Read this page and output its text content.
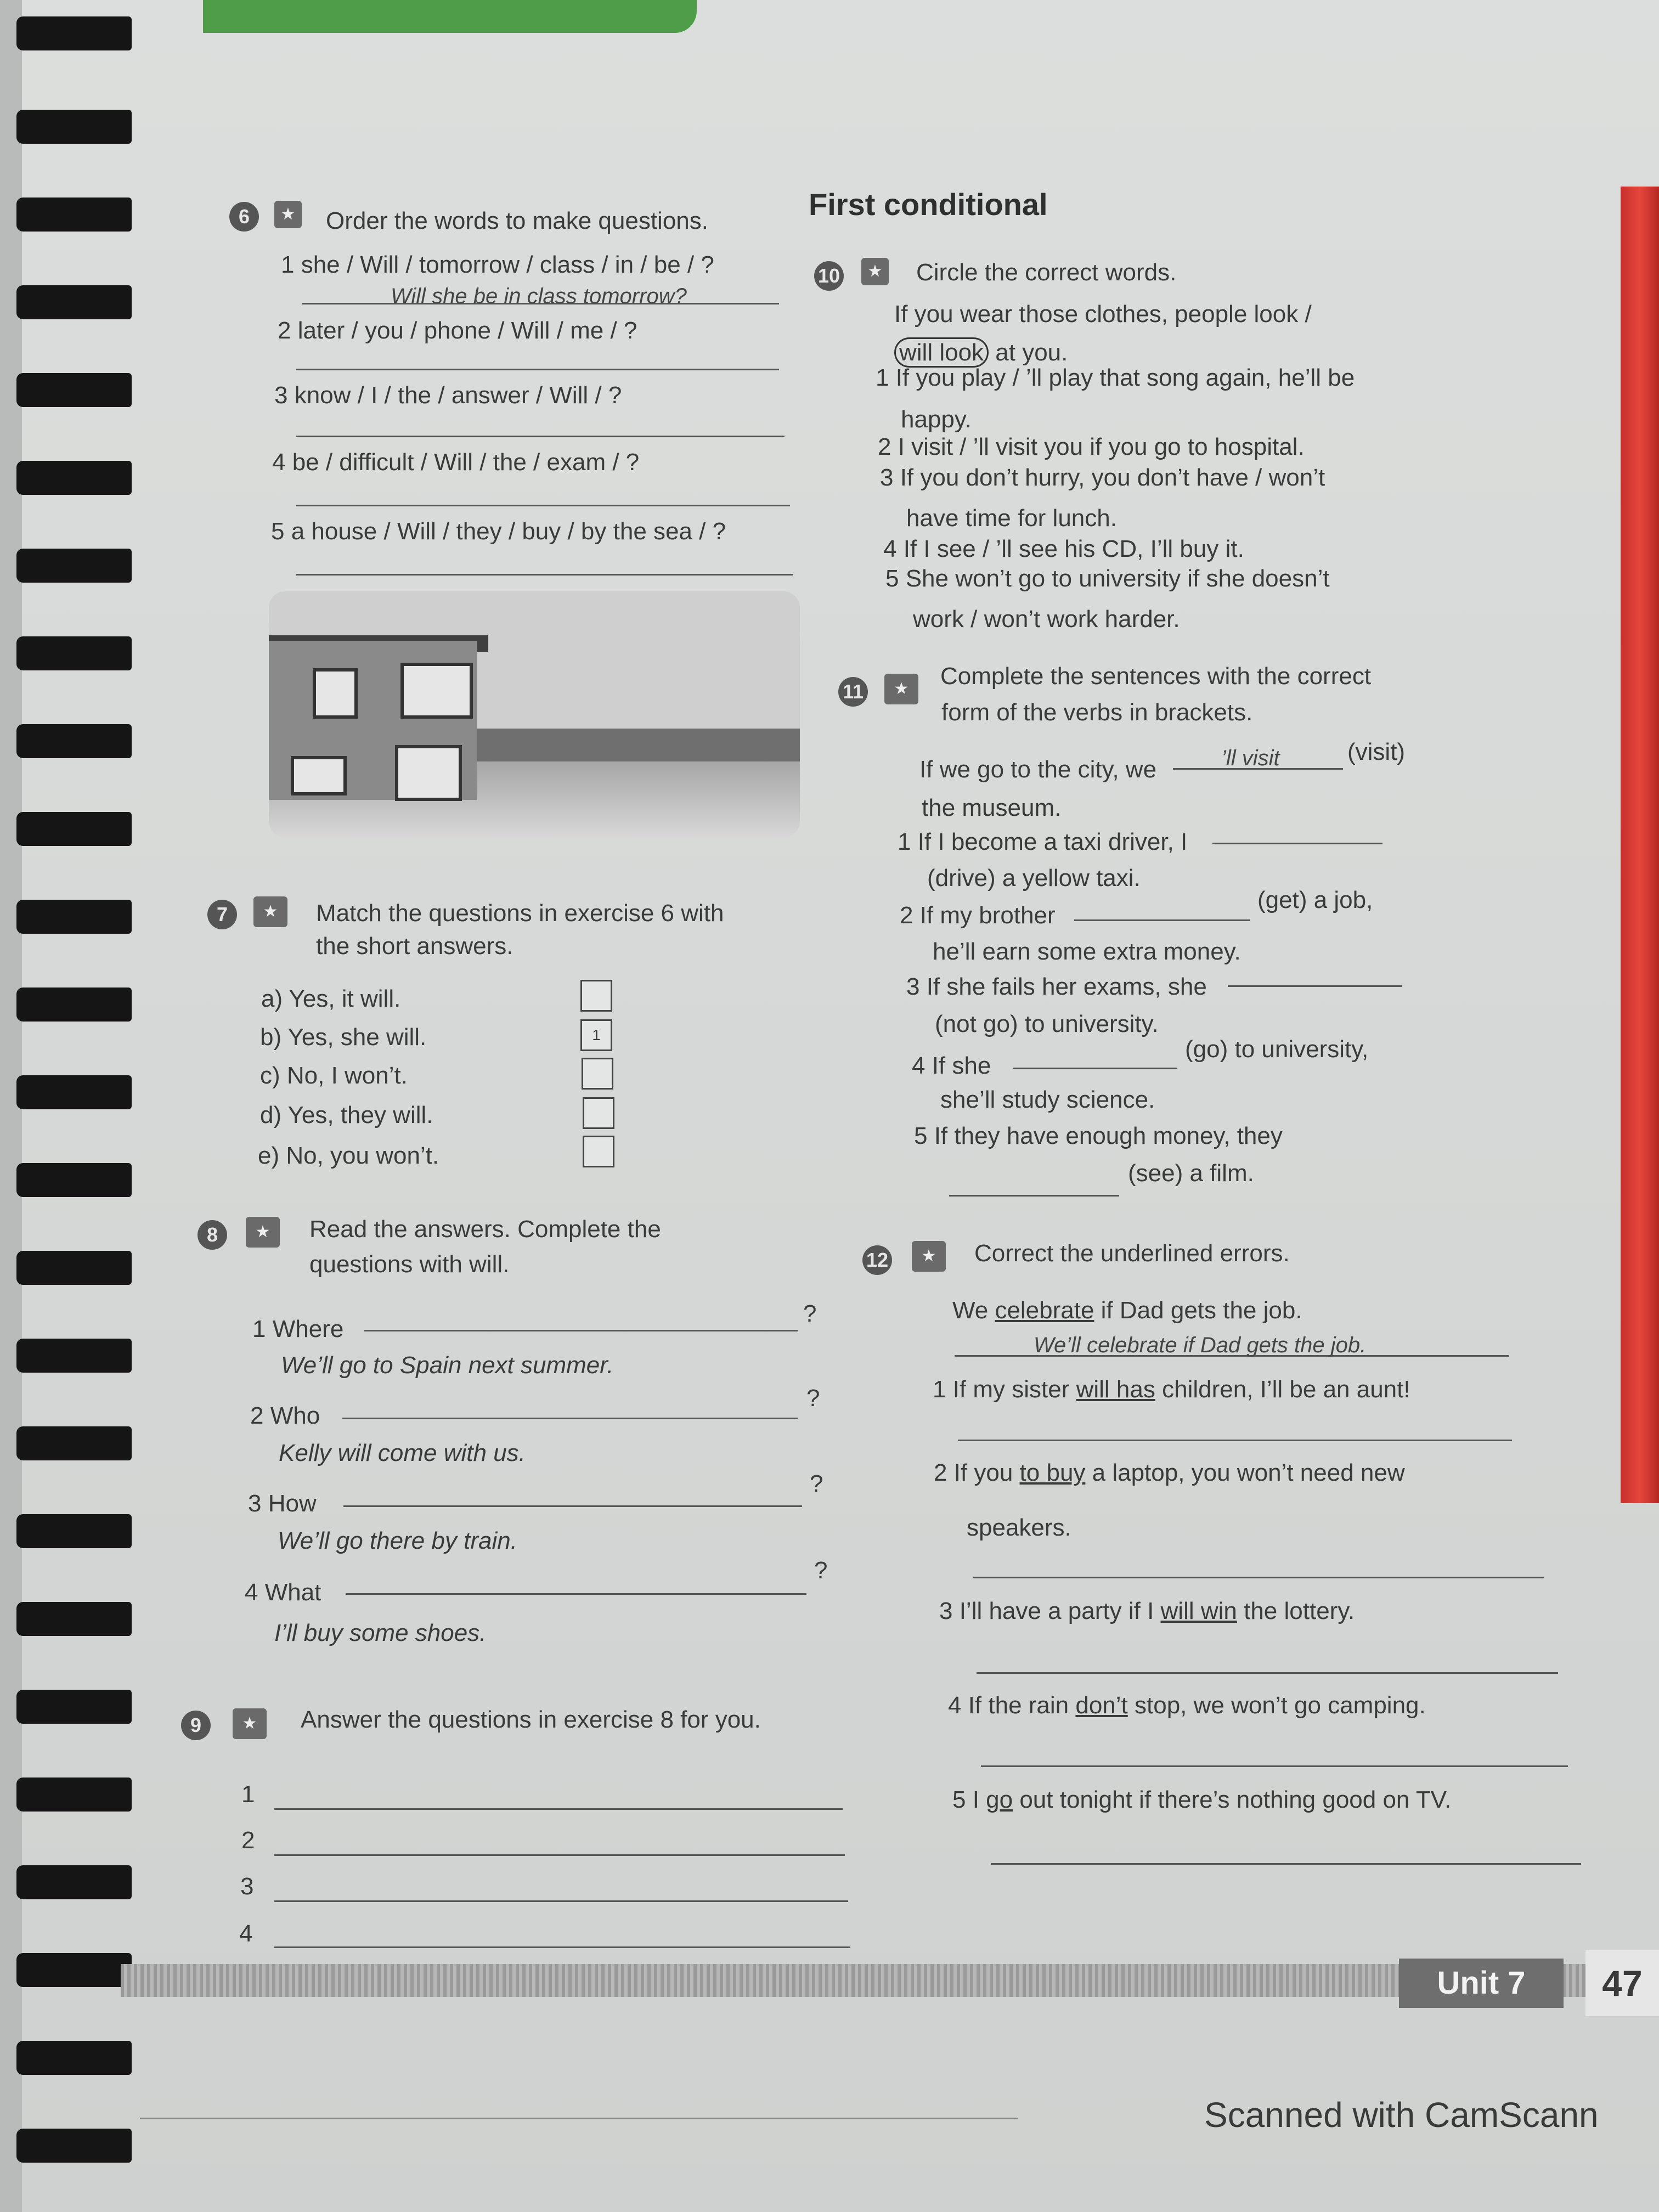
6	★ Order the words to make questions.
1 she / Will / tomorrow / class / in / be / ?
Will she be in class tomorrow?
2 later / you / phone / Will / me / ?
3 know / I / the / answer / Will / ?
4 be / difficult / Will / the / exam / ?
5 a house / Will / they / buy / by the sea / ?
7	★	Match the questions in exercise 6 with
the short answers.
a) Yes, it will.
b) Yes, she will.	1
c) No, I won’t.
d) Yes, they will.
e) No, you won’t.
8	★	Read the answers. Complete the
questions with will.
1 Where
?
We’ll go to Spain next summer.
2 Who
?
Kelly will come with us.
3 How
?
We’ll go there by train.
4 What
?
I’ll buy some shoes.
9	★	Answer the questions in exercise 8 for you.
1
2
3
4
First conditional
10	★ Circle the correct words.
If you wear those clothes, people look /
will look at you.
1 If you play / ’ll play that song again, he’ll be
happy.
2 I visit / ’ll visit you if you go to hospital.
3 If you don’t hurry, you don’t have / won’t
have time for lunch.
4 If I see / ’ll see his CD, I’ll buy it.
5 She won’t go to university if she doesn’t
work / won’t work harder.
11	★	Complete the sentences with the correct
form of the verbs in brackets.
If we go to the city, we	’ll visit	(visit)
the museum.
1 If I become a taxi driver, I
(drive) a yellow taxi.
2 If my brother
(get) a job,
he’ll earn some extra money.
3 If she fails her exams, she
(not go) to university.
4 If she
(go) to university,
she’ll study science.
5 If they have enough money, they
(see) a film.
12	★	Correct the underlined errors.
We celebrate if Dad gets the job.
We’ll celebrate if Dad gets the job.
1 If my sister will has children, I’ll be an aunt!
2 If you to buy a laptop, you won’t need new
speakers.
3 I’ll have a party if I will win the lottery.
4 If the rain don’t stop, we won’t go camping.
5 I go out tonight if there’s nothing good on TV.
Unit 7	47
Scanned with CamScann
